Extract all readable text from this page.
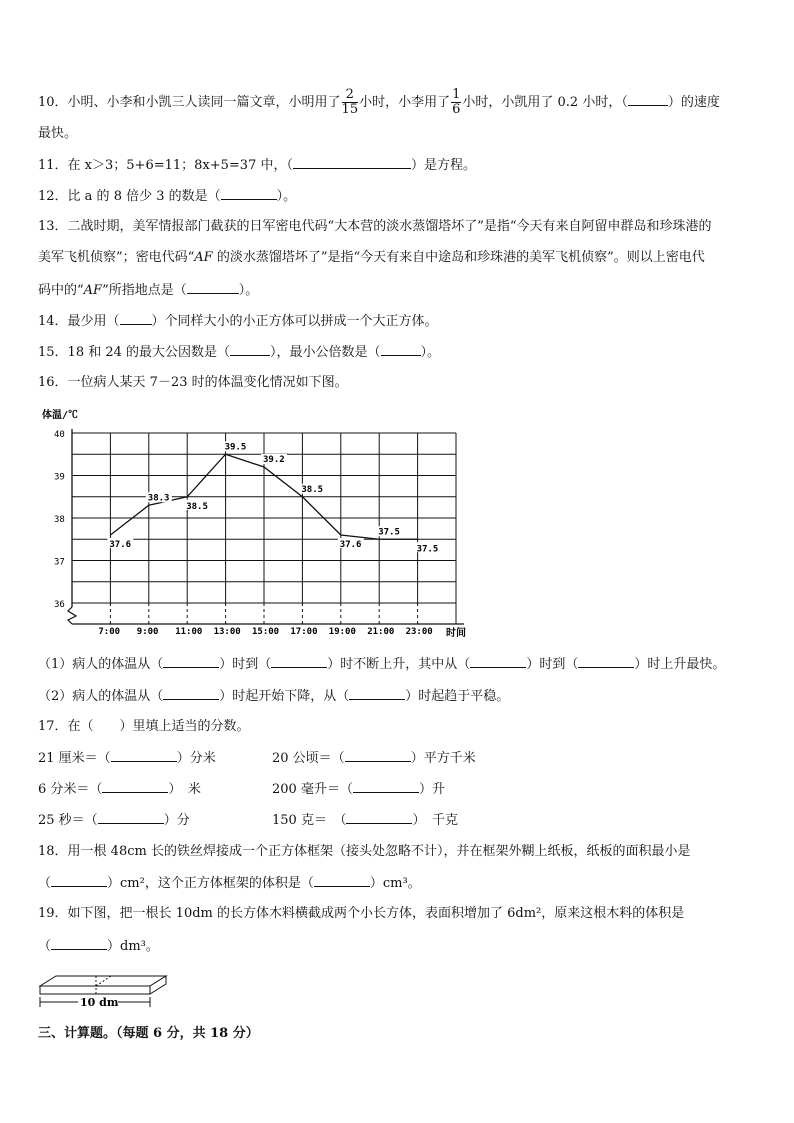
10．小明、小李和小凯三人读同一篇文章，小明用了 $\frac{2}{15}$ 小时，小李用了 $\frac{1}{6}$ 小时，小凯用了 0.2 小时，（	）的速度
最快。
11．在 x＞3；5+6=11；8x+5=37 中，（	）是方程。
12．比 a 的 8 倍少 3 的数是（	）。
13．二战时期，美军情报部门截获的日军密电代码“大本营的淡水蒸馏塔坏了”是指“今天有来自阿留申群岛和珍珠港的
美军飞机侦察”；密电代码“AF 的淡水蒸馏塔坏了”是指“今天有来自中途岛和珍珠港的美军飞机侦察”。则以上密电代
码中的“AF”所指地点是（	）。
14．最少用（ ）个同样大小的小正方体可以拼成一个大正方体。
15．18 和 24 的最大公因数是（	），最小公倍数是（	）。
16．一位病人某天 7－23 时的体温变化情况如下图。
36
37
38
39
40
7:00 9:00 11:00 13:00 15:00 17:00 19:00 21:00 23:00
37.6
38.3
38.5
39.5
39.2
38.5
37.6
37.5
37.5
体温/℃
时间
（1）病人的体温从（	）时到（	）时不断上升，其中从（	）时到（	）时上升最快。
（2）病人的体温从（	）时起开始下降，从（	）时起趋于平稳。
17．在（　　）里填上适当的分数。
21 厘米＝（	）分米	20 公顷＝（	）平方千米
6 分米＝（	）　米	200 毫升＝（	）升
25 秒＝（	）分	150 克＝　（	）　千克
18．用一根 48cm 长的铁丝焊接成一个正方体框架（接头处忽略不计），并在框架外糊上纸板，纸板的面积最小是
（	）cm²，这个正方体框架的体积是（	）cm³。
19．如下图，把一根长 10dm 的长方体木料横截成两个小长方体，表面积增加了 6dm²，原来这根木料的体积是
（	）dm³。
10 dm
三、计算题。（每题 6 分，共 18 分）
